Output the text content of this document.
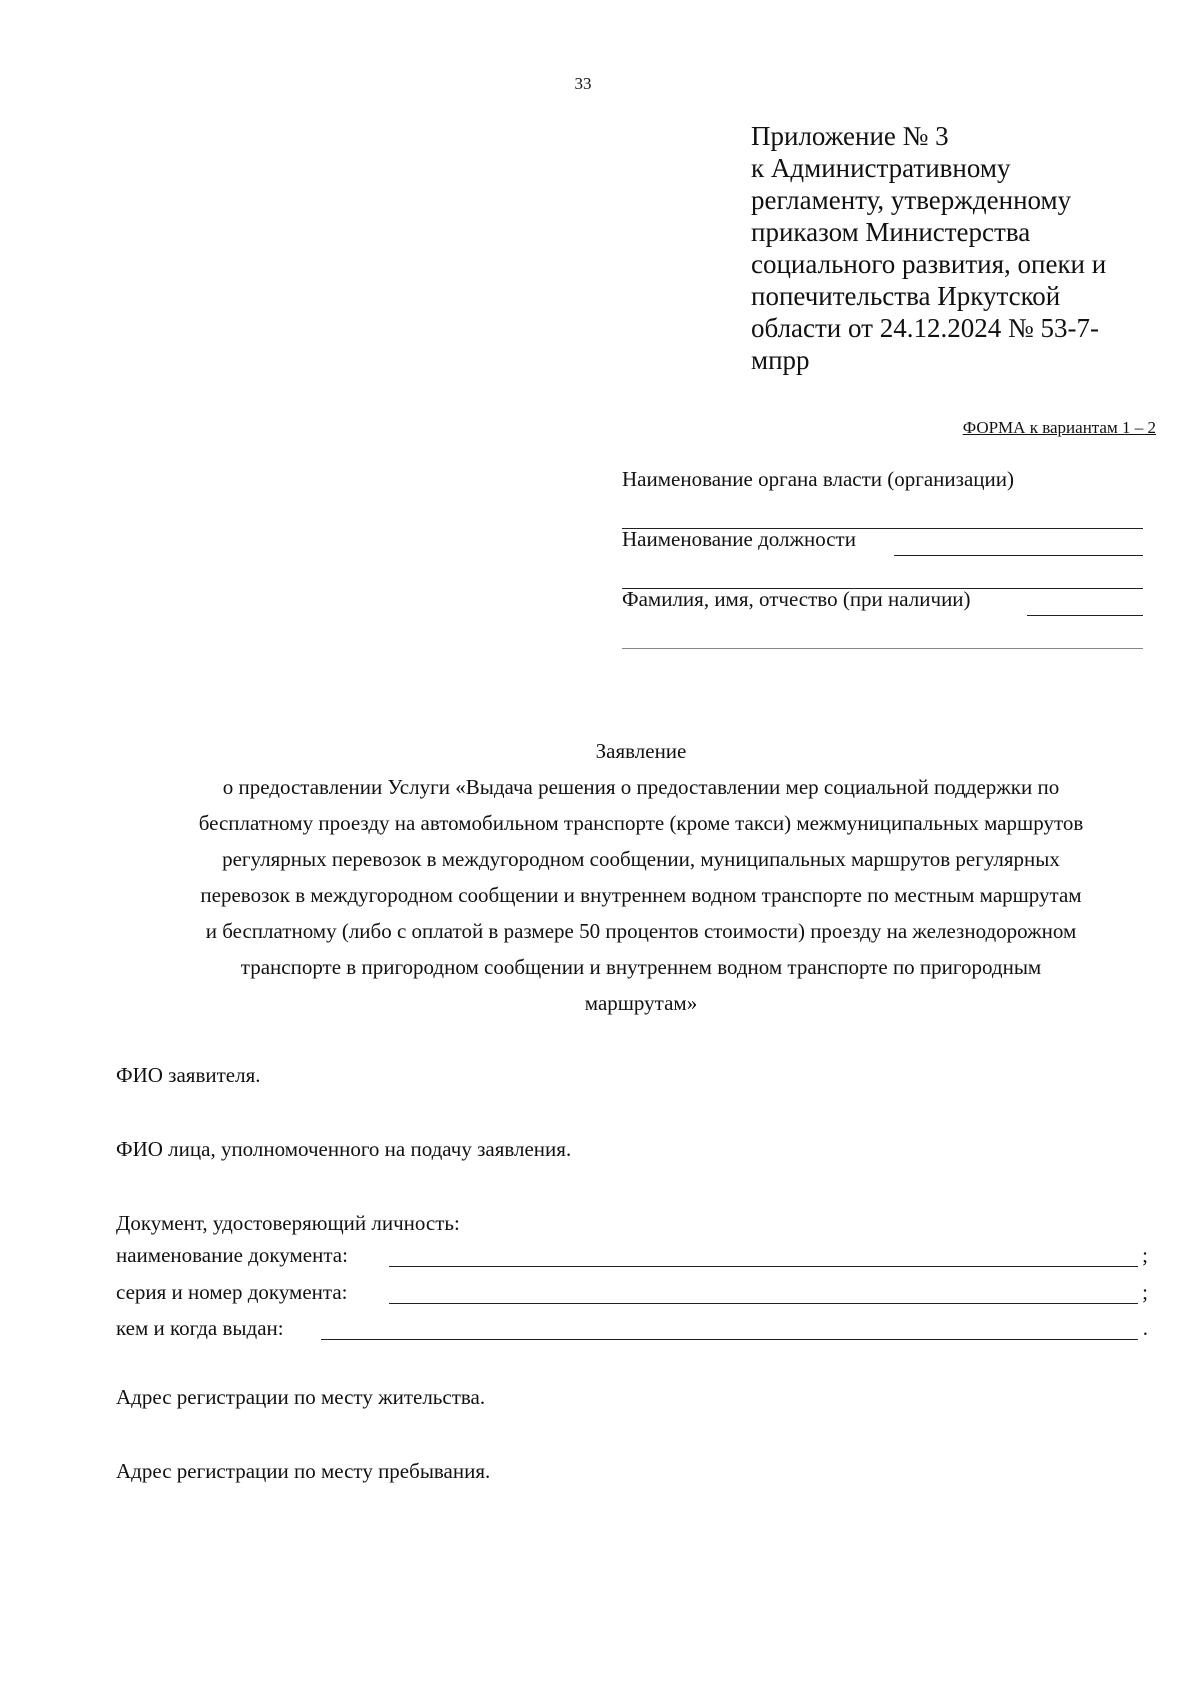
33
Приложение № 3
к Административному
регламенту, утвержденному
приказом Министерства
социального развития, опеки и
попечительства Иркутской
области от 24.12.2024 № 53-7-
мпрр
ФОРМА к вариантам 1 – 2
Наименование органа власти (организации)
Наименование должности
Фамилия, имя, отчество (при наличии)
Заявление
о предоставлении Услуги «Выдача решения о предоставлении мер социальной поддержки по
бесплатному проезду на автомобильном транспорте (кроме такси) межмуниципальных маршрутов
регулярных перевозок в междугородном сообщении, муниципальных маршрутов регулярных
перевозок в междугородном сообщении и внутреннем водном транспорте по местным маршрутам
и бесплатному (либо с оплатой в размере 50 процентов стоимости) проезду на железнодорожном
транспорте в пригородном сообщении и внутреннем водном транспорте по пригородным
маршрутам»
ФИО заявителя.
ФИО лица, уполномоченного на подачу заявления.
Документ, удостоверяющий личность:
наименование документа:	;
серия и номер документа:	;
кем и когда выдан:	.
Адрес регистрации по месту жительства.
Адрес регистрации по месту пребывания.
